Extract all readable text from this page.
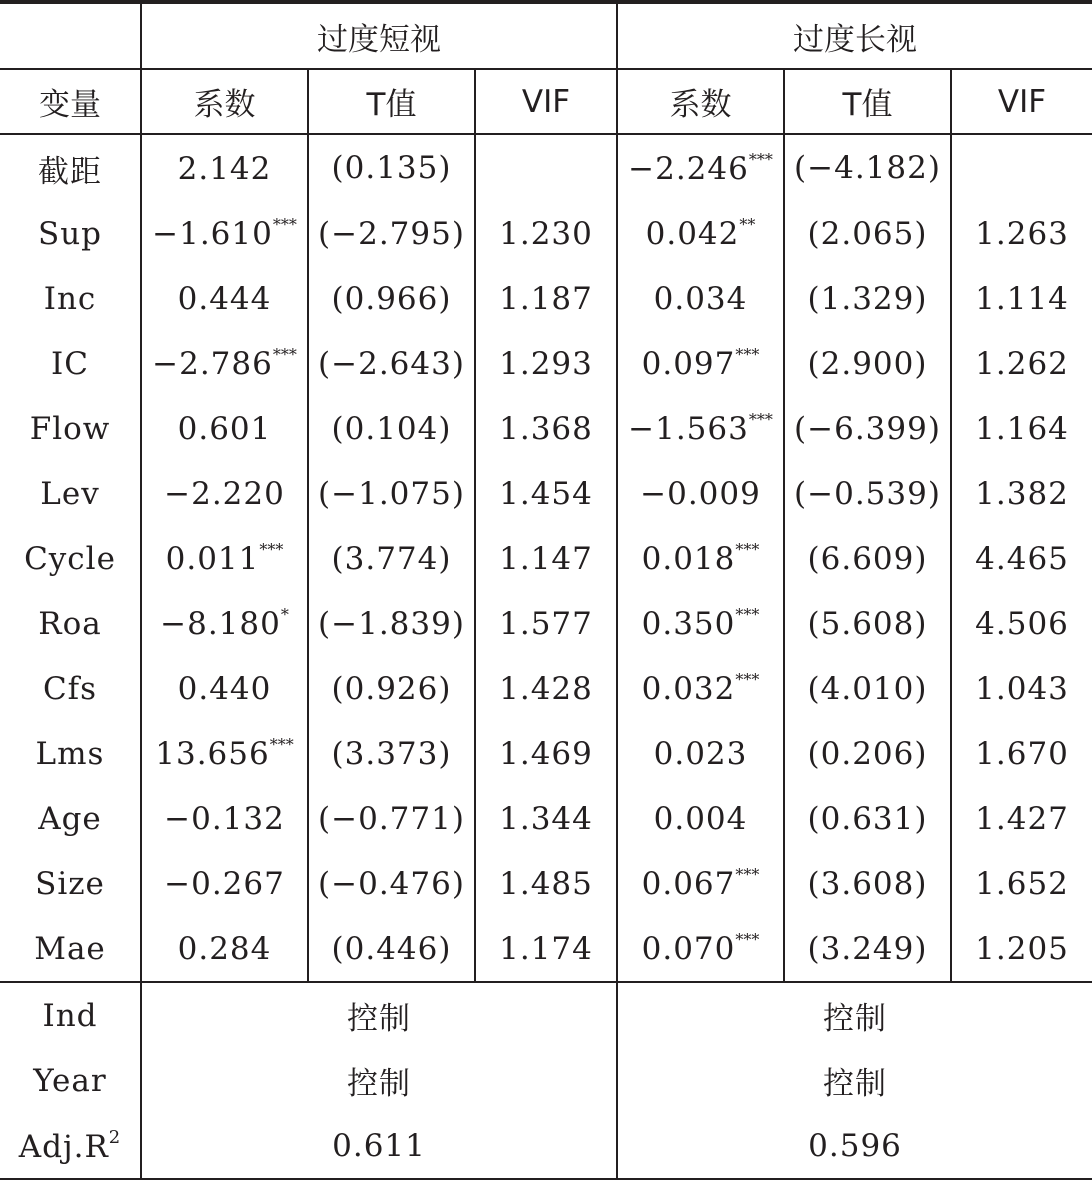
	过度短视			过度长视		
变量	系数	T值	VIF	系数	T值	VIF
截距	2.142	(0.135)		−2.246***	(−4.182)	
Sup	−1.610***	(−2.795)	1.230	0.042**	(2.065)	1.263
Inc	0.444	(0.966)	1.187	0.034	(1.329)	1.114
IC	−2.786***	(−2.643)	1.293	0.097***	(2.900)	1.262
Flow	0.601	(0.104)	1.368	−1.563***	(−6.399)	1.164
Lev	−2.220	(−1.075)	1.454	−0.009	(−0.539)	1.382
Cycle	0.011***	(3.774)	1.147	0.018***	(6.609)	4.465
Roa	−8.180*	(−1.839)	1.577	0.350***	(5.608)	4.506
Cfs	0.440	(0.926)	1.428	0.032***	(4.010)	1.043
Lms	13.656***	(3.373)	1.469	0.023	(0.206)	1.670
Age	−0.132	(−0.771)	1.344	0.004	(0.631)	1.427
Size	−0.267	(−0.476)	1.485	0.067***	(3.608)	1.652
Mae	0.284	(0.446)	1.174	0.070***	(3.249)	1.205
Ind	控制			控制		
Year	控制			控制		
$Adj.R^2$	0.611			0.596		
